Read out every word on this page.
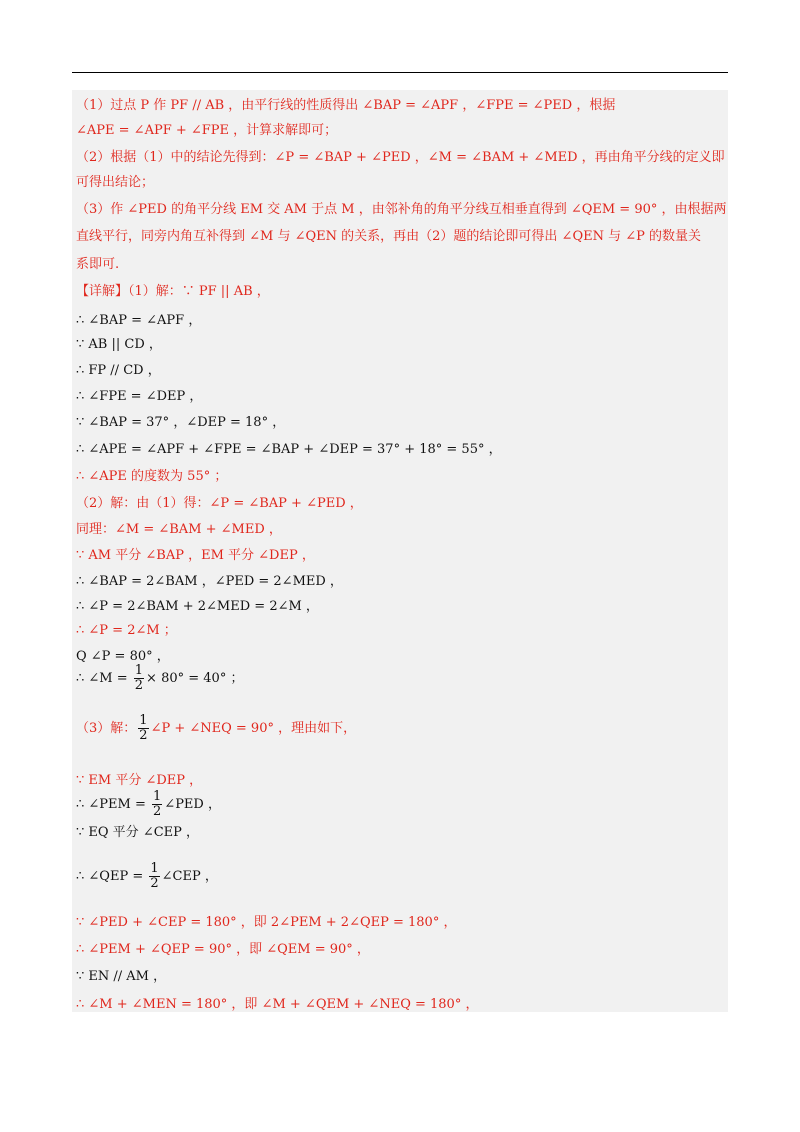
（1）过点 P 作 PF // AB ，由平行线的性质得出 ∠BAP = ∠APF ，∠FPE = ∠PED ，根据
∠APE = ∠APF + ∠FPE ，计算求解即可；
（2）根据（1）中的结论先得到：∠P = ∠BAP + ∠PED ，∠M = ∠BAM + ∠MED ，再由角平分线的定义即
可得出结论；
（3）作 ∠PED 的角平分线 EM 交 AM 于点 M ，由邻补角的角平分线互相垂直得到 ∠QEM = 90° ，由根据两
直线平行，同旁内角互补得到 ∠M 与 ∠QEN 的关系，再由（2）题的结论即可得出 ∠QEN 与 ∠P 的数量关
系即可.
【详解】（1）解：∵ PF || AB ，
∴ ∠BAP = ∠APF ，
∵ AB || CD ，
∴ FP // CD ，
∴ ∠FPE = ∠DEP ，
∵ ∠BAP = 37° ，∠DEP = 18° ，
∴ ∠APE = ∠APF + ∠FPE = ∠BAP + ∠DEP = 37° + 18° = 55° ，
∴ ∠APE 的度数为 55° ；
（2）解：由（1）得：∠P = ∠BAP + ∠PED ，
同理：∠M = ∠BAM + ∠MED ，
∵ AM 平分 ∠BAP ，EM 平分 ∠DEP ，
∴ ∠BAP = 2∠BAM ，∠PED = 2∠MED ，
∴ ∠P = 2∠BAM + 2∠MED = 2∠M ，
∴ ∠P = 2∠M ；
Q ∠P = 80° ，
∵ EQ 平分 ∠CEP ，
∵ ∠PED + ∠CEP = 180° ，即 2∠PEM + 2∠QEP = 180° ，
∴ ∠PEM + ∠QEP = 90° ，即 ∠QEM = 90° ，
∵ EN // AM ，
∴ ∠M + ∠MEN = 180° ，即 ∠M + ∠QEM + ∠NEQ = 180° ，
∴ ∠M = $\frac{1}{2} \times 80^\circ = 40^\circ$ ；
（3）解： $\frac{1}{2}$ ∠P + ∠NEQ = 90° ，理由如下，
∵ EM 平分 ∠DEP ，
∴ ∠PEM = $\frac{1}{2}$ ∠PED ，
∴ ∠QEP = $\frac{1}{2}$ ∠CEP ，
